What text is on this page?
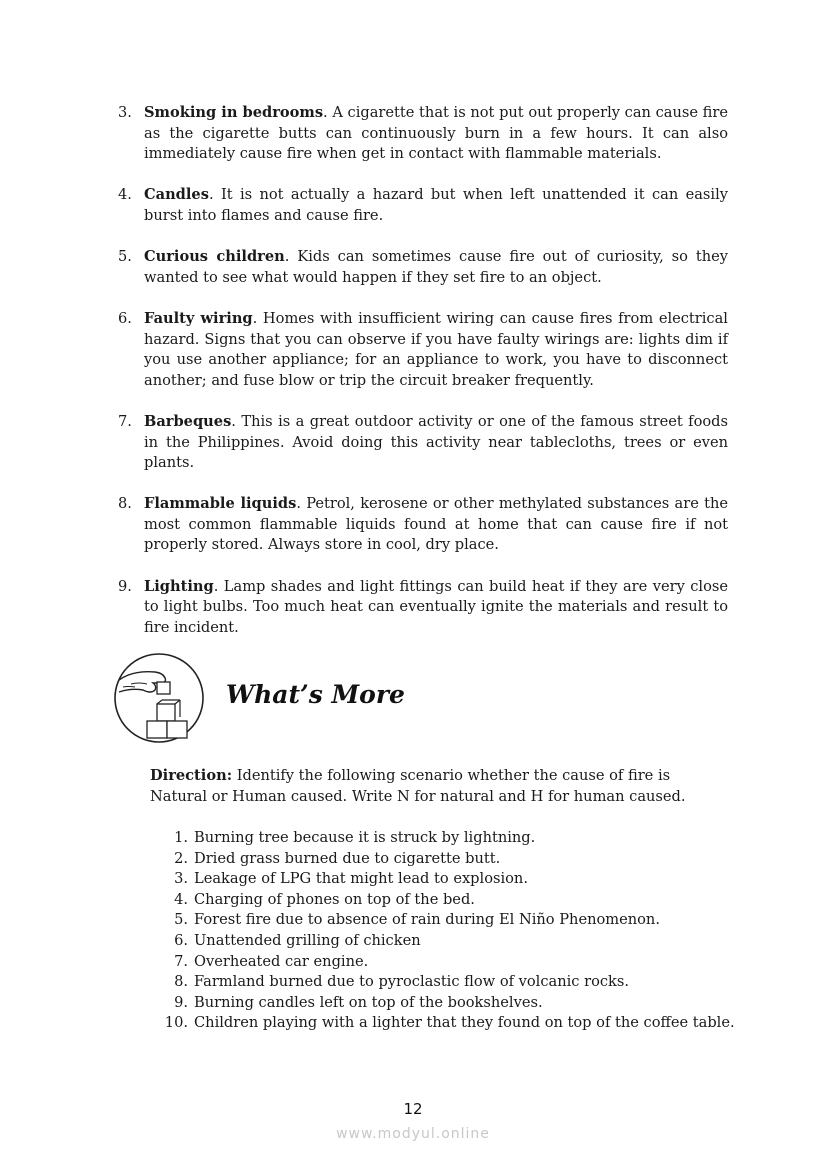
3. Smoking in bedrooms. A cigarette that is not put out properly can cause fire as the cigarette butts can continuously burn in a few hours. It can also immediately cause fire when get in contact with flammable materials.
4. Candles. It is not actually a hazard but when left unattended it can easily burst into flames and cause fire.
5. Curious children. Kids can sometimes cause fire out of curiosity, so they wanted to see what would happen if they set fire to an object.
6. Faulty wiring. Homes with insufficient wiring can cause fires from electrical hazard. Signs that you can observe if you have faulty wirings are: lights dim if you use another appliance; for an appliance to work, you have to disconnect another; and fuse blow or trip the circuit breaker frequently.
7. Barbeques. This is a great outdoor activity or one of the famous street foods in the Philippines. Avoid doing this activity near tablecloths, trees or even plants.
8. Flammable liquids. Petrol, kerosene or other methylated substances are the most common flammable liquids found at home that can cause fire if not properly stored. Always store in cool, dry place.
9. Lighting. Lamp shades and light fittings can build heat if they are very close to light bulbs. Too much heat can eventually ignite the materials and result to fire incident.
What’s More
Direction: Identify the following scenario whether the cause of fire is Natural or Human caused. Write N for natural and H for human caused.
1. Burning tree because it is struck by lightning.
2. Dried grass burned due to cigarette butt.
3. Leakage of LPG that might lead to explosion.
4. Charging of phones on top of the bed.
5. Forest fire due to absence of rain during El Niño Phenomenon.
6. Unattended grilling of chicken
7. Overheated car engine.
8. Farmland burned due to pyroclastic flow of volcanic rocks.
9. Burning candles left on top of the bookshelves.
10. Children playing with a lighter that they found on top of the coffee table.
12
www.modyul.online
